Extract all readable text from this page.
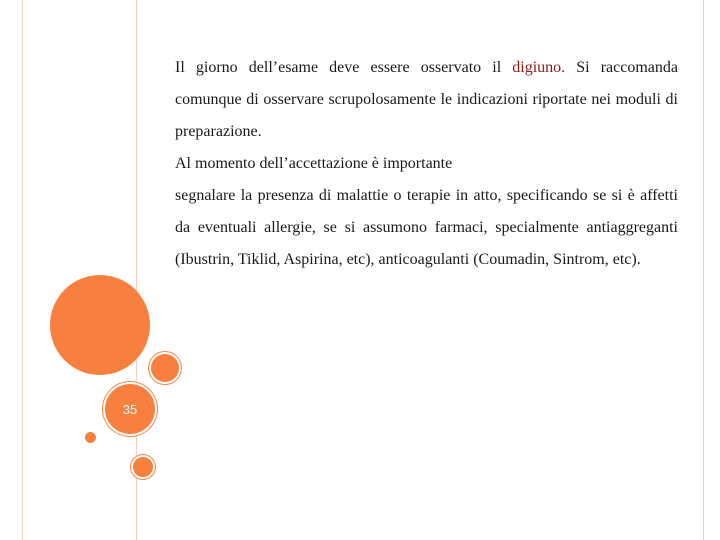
35

Il giorno dell’esame deve essere osservato il digiuno. Si raccomanda comunque di osservare scrupolosamente le indicazioni riportate nei moduli di preparazione.

Al momento dell’accettazione è importante

segnalare la presenza di malattie o terapie in atto, specificando se si è affetti da eventuali allergie, se si assumono farmaci, specialmente antiaggreganti (Ibustrin, Tiklid, Aspirina, etc), anticoagulanti (Coumadin, Sintrom, etc).
